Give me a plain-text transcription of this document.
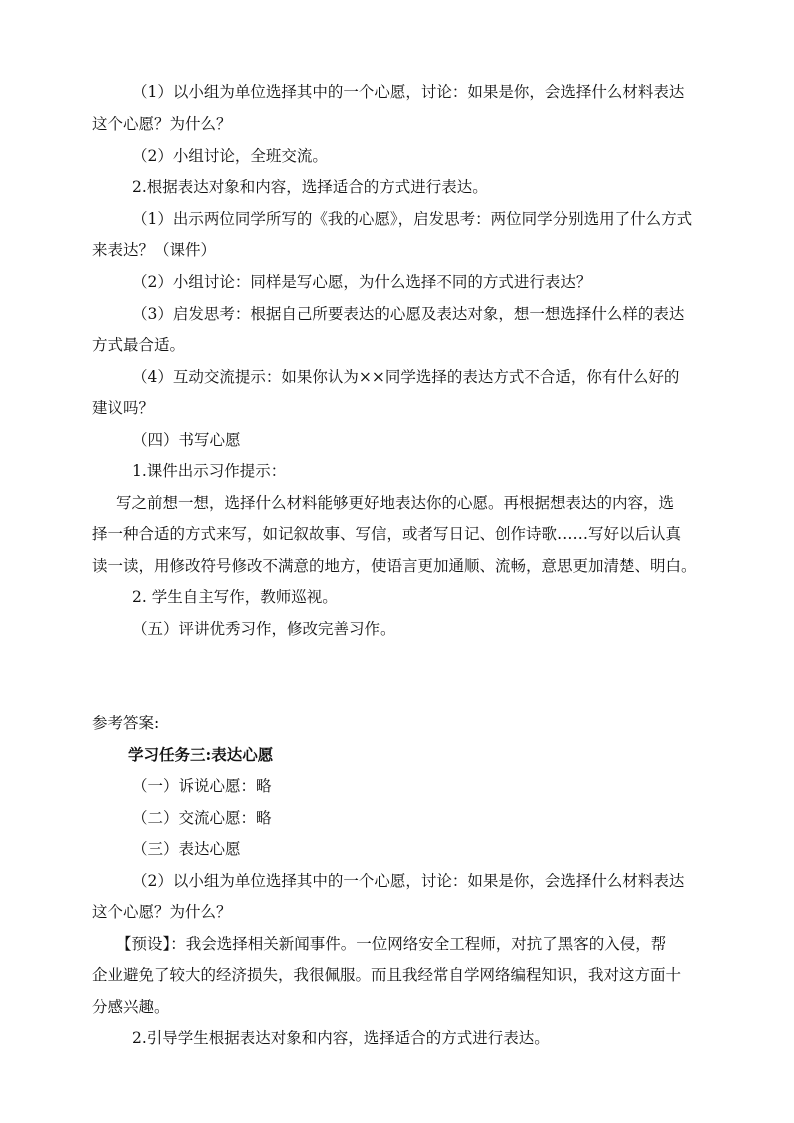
（1）以小组为单位选择其中的一个心愿，讨论：如果是你，会选择什么材料表达
这个心愿？为什么？
（2）小组讨论，全班交流。
2.根据表达对象和内容，选择适合的方式进行表达。
（1）出示两位同学所写的《我的心愿》，启发思考：两位同学分别选用了什么方式
来表达？（课件）
（2）小组讨论：同样是写心愿，为什么选择不同的方式进行表达？
（3）启发思考：根据自己所要表达的心愿及表达对象，想一想选择什么样的表达
方式最合适。
（4）互动交流提示：如果你认为××同学选择的表达方式不合适，你有什么好的
建议吗？
（四）书写心愿
1.课件出示习作提示：
写之前想一想，选择什么材料能够更好地表达你的心愿。再根据想表达的内容，选
择一种合适的方式来写，如记叙故事、写信，或者写日记、创作诗歌……写好以后认真
读一读，用修改符号修改不满意的地方，使语言更加通顺、流畅，意思更加清楚、明白。
2. 学生自主写作，教师巡视。
（五）评讲优秀习作，修改完善习作。
参考答案:
学习任务三:表达心愿
（一）诉说心愿：略
（二）交流心愿：略
（三）表达心愿
（2）以小组为单位选择其中的一个心愿，讨论：如果是你，会选择什么材料表达
这个心愿？为什么？
【预设】：我会选择相关新闻事件。一位网络安全工程师，对抗了黑客的入侵，帮
企业避免了较大的经济损失，我很佩服。而且我经常自学网络编程知识，我对这方面十
分感兴趣。
2.引导学生根据表达对象和内容，选择适合的方式进行表达。
